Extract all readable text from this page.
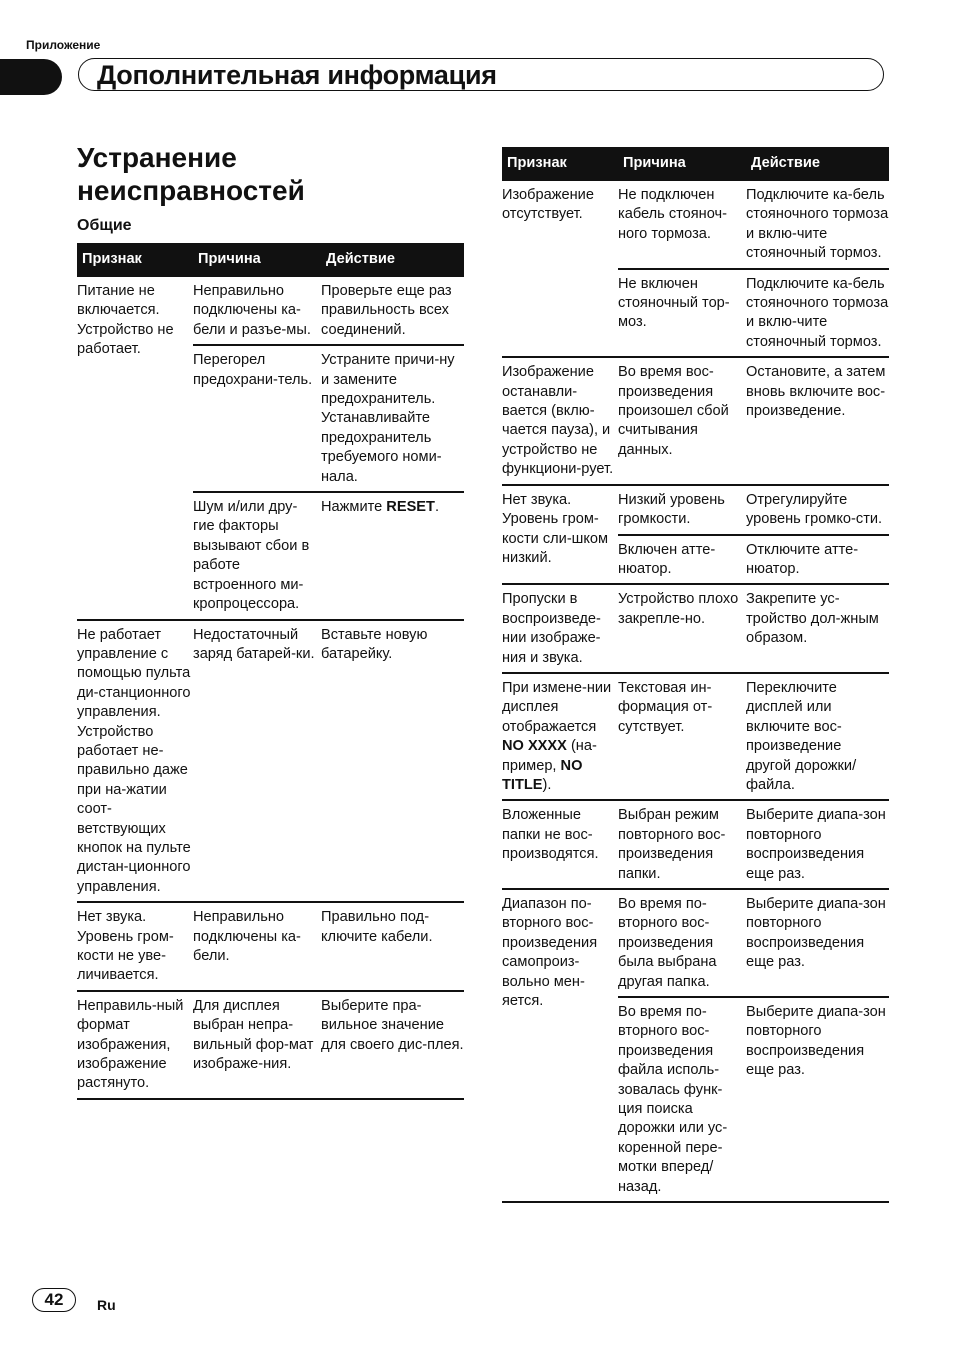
Приложение
Дополнительная информация
Устранение неисправностей
Общие
Признак	Причина	Действие
Питание не включается. Устройство не работает.	Неправильно подключены ка-бели и разъе-мы.	Проверьте еще раз правильность всех соединений.
	Перегорел предохрани-тель.	Устраните причи-ну и замените предохранитель. Устанавливайте предохранитель требуемого номи-нала.
	Шум и/или дру-гие факторы вызывают сбои в работе встроенного ми-кропроцессора.	Нажмите RESET.
Не работает управление с помощью пульта ди-станционного управления. Устройство работает не-правильно даже при на-жатии соот-ветствующих кнопок на пульте дистан-ционного управления.	Недостаточный заряд батарей-ки.	Вставьте новую батарейку.
Нет звука. Уровень гром-кости не уве-личивается.	Неправильно подключены ка-бели.	Правильно под-ключите кабели.
Неправиль-ный формат изображения, изображение растянуто.	Для дисплея выбран непра-вильный фор-мат изображе-ния.	Выберите пра-вильное значение для своего дис-плея.
Признак	Причина	Действие
Изображение отсутствует.	Не подключен кабель стояноч-ного тормоза.	Подключите ка-бель стояночного тормоза и вклю-чите стояночный тормоз.
	Не включен стояночный тор-моз.	Подключите ка-бель стояночного тормоза и вклю-чите стояночный тормоз.
Изображение останавли-вается (вклю-чается пауза), и устройство не функциони-рует.	Во время вос-произведения произошел сбой считывания данных.	Остановите, а затем вновь включите вос-произведение.
Нет звука. Уровень гром-кости сли-шком низкий.	Низкий уровень громкости.	Отрегулируйте уровень громко-сти.
	Включен атте-нюатор.	Отключите атте-нюатор.
Пропуски в воспроизведе-нии изображе-ния и звука.	Устройство плохо закрепле-но.	Закрепите ус-тройство дол-жным образом.
При измене-нии дисплея отображается NO XXXX (на-пример, NO TITLE).	Текстовая ин-формация от-сутствует.	Переключите дисплей или включите вос-произведение другой дорожки/ файла.
Вложенные папки не вос-производятся.	Выбран режим повторного вос-произведения папки.	Выберите диапа-зон повторного воспроизведения еще раз.
Диапазон по-вторного вос-произведения самопроиз-вольно мен-яется.	Во время по-вторного вос-произведения была выбрана другая папка.	Выберите диапа-зон повторного воспроизведения еще раз.
	Во время по-вторного вос-произведения файла исполь-зовалась функ-ция поиска дорожки или ус-коренной пере-мотки вперед/ назад.	Выберите диапа-зон повторного воспроизведения еще раз.
42	Ru
